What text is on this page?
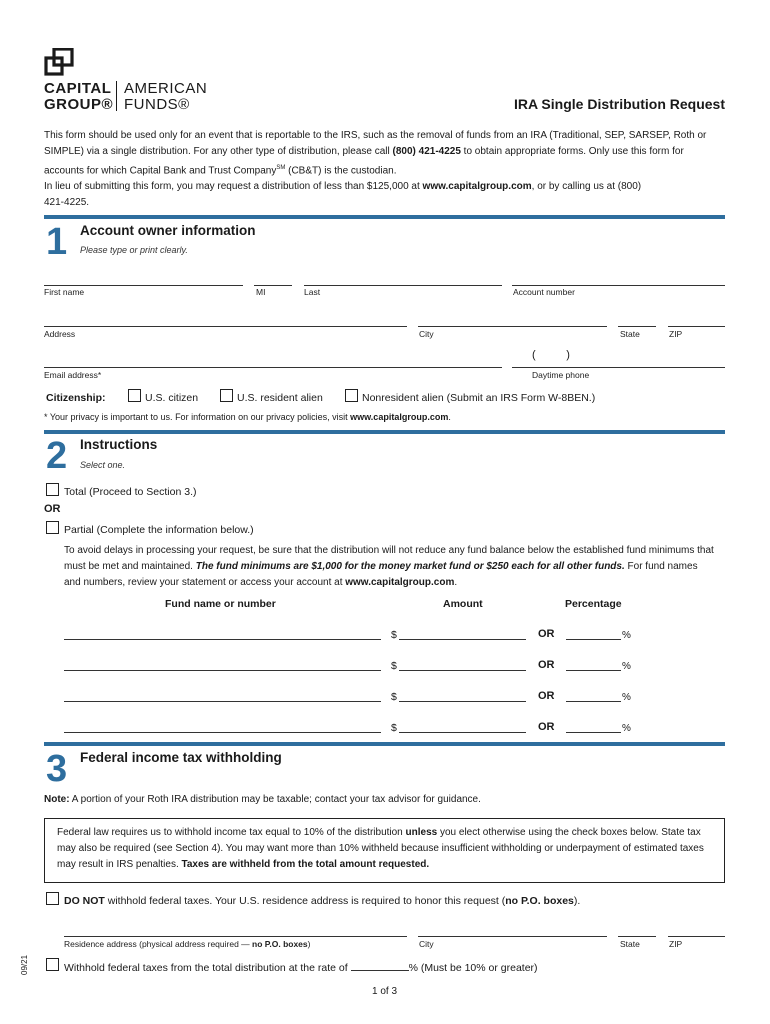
CAPITAL
GROUP®
AMERICAN
FUNDS®	IRA Single Distribution Request
This form should be used only for an event that is reportable to the IRS, such as the removal of funds from an IRA (Traditional, SEP, SARSEP, Roth or SIMPLE) via a single distribution. For any other type of distribution, please call (800) 421-4225 to obtain appropriate forms. Only use this form for accounts for which Capital Bank and Trust Company℠ (CB&T) is the custodian.
In lieu of submitting this form, you may request a distribution of less than $125,000 at www.capitalgroup.com, or by calling us at (800) 421-4225.
1 Account owner information
Please type or print clearly.
First name	MI	Last	Account number
Address	City	State	ZIP
Email address*
(          )
Daytime phone
Citizenship:	U.S. citizen	U.S. resident alien	Nonresident alien (Submit an IRS Form W-8BEN.)
* Your privacy is important to us. For information on our privacy policies, visit www.capitalgroup.com.
2 Instructions
Select one.
Total (Proceed to Section 3.)
OR
Partial (Complete the information below.)
To avoid delays in processing your request, be sure that the distribution will not reduce any fund balance below the established fund minimums that must be met and maintained. The fund minimums are $1,000 for the money market fund or $250 each for all other funds. For fund names and numbers, review your statement or access your account at www.capitalgroup.com.
Fund name or number	Amount	Percentage
$	OR	%
$	OR	%
$	OR	%
$	OR	%
3 Federal income tax withholding
Note: A portion of your Roth IRA distribution may be taxable; contact your tax advisor for guidance.
Federal law requires us to withhold income tax equal to 10% of the distribution unless you elect otherwise using the check boxes below. State tax may also be required (see Section 4). You may want more than 10% withheld because insufficient withholding or underpayment of estimated taxes may result in IRS penalties. Taxes are withheld from the total amount requested.
DO NOT withhold federal taxes. Your U.S. residence address is required to honor this request (no P.O. boxes).
Residence address (physical address required — no P.O. boxes)	City	State	ZIP
Withhold federal taxes from the total distribution at the rate of	% (Must be 10% or greater)
1 of 3
09/21
